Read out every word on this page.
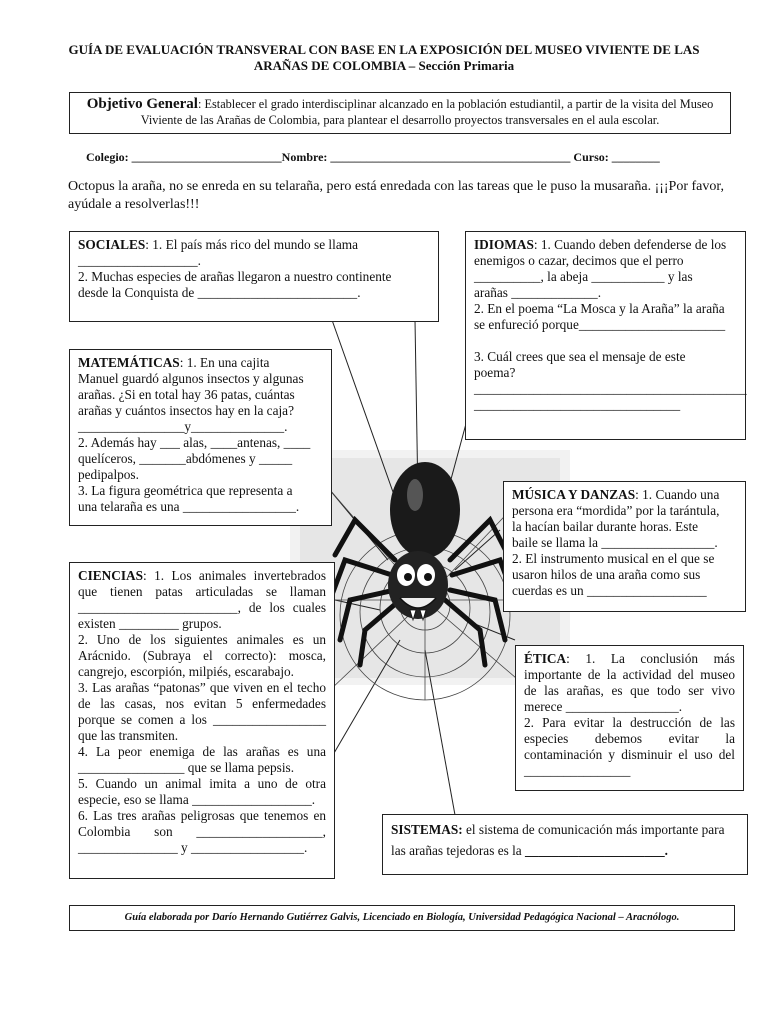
GUÍA DE EVALUACIÓN TRANSVERAL CON BASE EN LA EXPOSICIÓN DEL MUSEO VIVIENTE DE LAS
ARAÑAS DE COLOMBIA – Sección Primaria
Objetivo General: Establecer el grado interdisciplinar alcanzado en la población estudiantil, a partir de la visita del Museo Viviente de las Arañas de Colombia, para plantear el desarrollo proyectos transversales en el aula escolar.
Colegio: _________________________Nombre: ________________________________________ Curso: ________
Octopus la araña, no se enreda en su telaraña, pero está enredada con las tareas que le puso la musaraña. ¡¡¡Por favor, ayúdale a resolverlas!!!
SOCIALES: 1. El país más rico del mundo se llama
__________________.
2. Muchas especies de arañas llegaron a nuestro continente
desde la Conquista de ________________________.
IDIOMAS: 1. Cuando deben defenderse de los
enemigos o cazar, decimos que el perro
__________, la abeja ___________ y las
arañas _____________.
2. En el poema “La Mosca y la Araña” la araña
se enfureció porque______________________
3. Cuál crees que sea el mensaje de este
poema?
_________________________________________
_______________________________
MATEMÁTICAS: 1. En una cajita
Manuel guardó algunos insectos y algunas
arañas. ¿Si en total hay 36 patas, cuántas
arañas y cuántos insectos hay en la caja?
________________y______________.
2. Además hay ___ alas, ____antenas, ____
quelíceros, _______abdómenes y _____
pedipalpos.
3. La figura geométrica que representa a
una telaraña es una _________________.
MÚSICA Y DANZAS: 1. Cuando una
persona era “mordida” por la tarántula,
la hacían bailar durante horas. Este
baile se llama la _________________.
2. El instrumento musical en el que se
usaron hilos de una araña como sus
cuerdas es un __________________
CIENCIAS: 1. Los animales invertebrados que tienen patas articuladas se llaman ________________________, de los cuales existen _________ grupos.
2. Uno de los siguientes animales es un Arácnido. (Subraya el correcto): mosca, cangrejo, escorpión, milpiés, escarabajo.
3. Las arañas “patonas” que viven en el techo de las casas, nos evitan 5 enfermedades porque se comen a los _________________ que las transmiten.
4. La peor enemiga de las arañas es una ________________ que se llama pepsis.
5. Cuando un animal imita a uno de otra especie, eso se llama __________________.
6. Las tres arañas peligrosas que tenemos en Colombia son ___________________, _______________ y _________________.
ÉTICA: 1. La conclusión más importante de la actividad del museo de las arañas, es que todo ser vivo merece _________________.
2. Para evitar la destrucción de las especies debemos evitar la contaminación y disminuir el uso del ________________
SISTEMAS: el sistema de comunicación más importante para
las arañas tejedoras es la _____________________.
Guía elaborada por Darío Hernando Gutiérrez Galvis, Licenciado en Biología, Universidad Pedagógica Nacional – Aracnólogo.
